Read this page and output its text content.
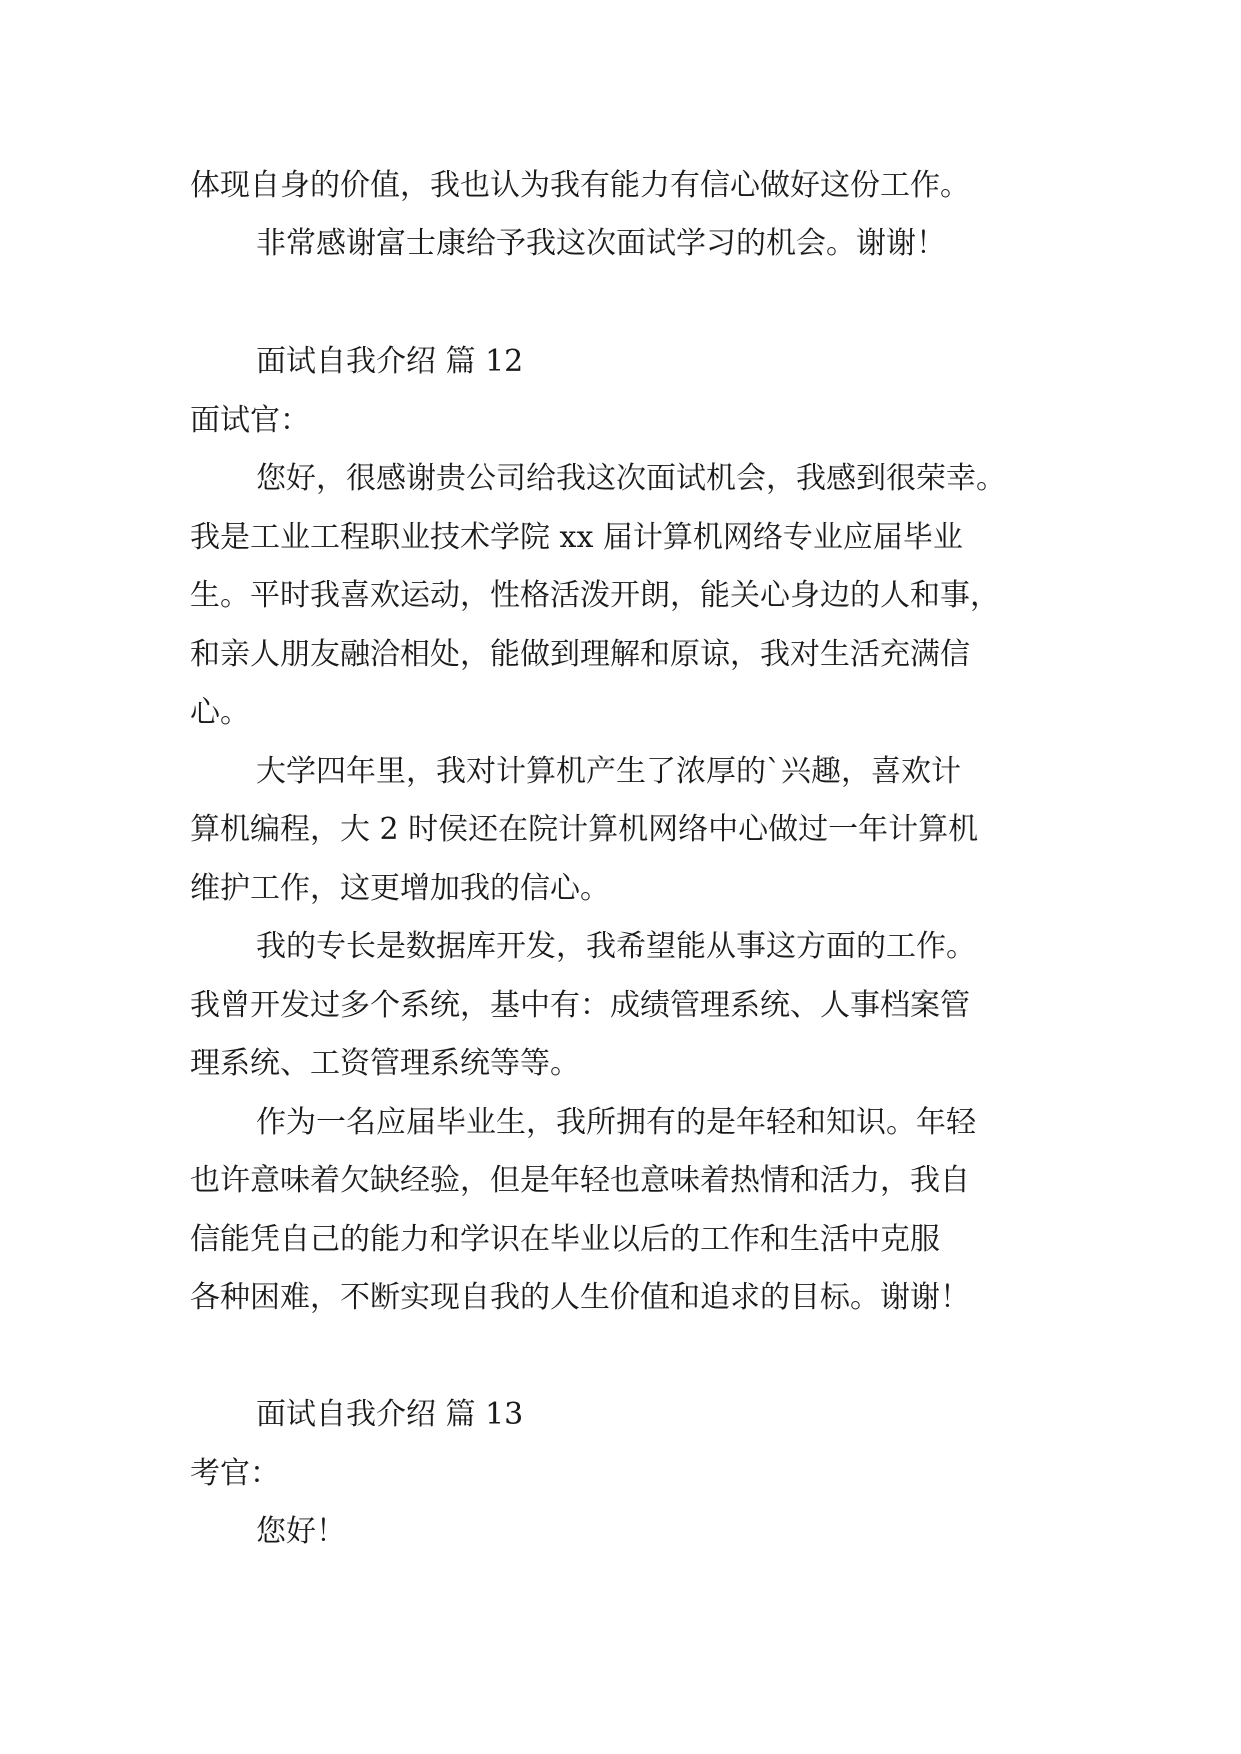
体现自身的价值，我也认为我有能力有信心做好这份工作。
非常感谢富士康给予我这次面试学习的机会。谢谢！
面试自我介绍 篇 12
面试官：
您好，很感谢贵公司给我这次面试机会，我感到很荣幸。
我是工业工程职业技术学院 xx 届计算机网络专业应届毕业
生。平时我喜欢运动，性格活泼开朗，能关心身边的人和事，
和亲人朋友融洽相处，能做到理解和原谅，我对生活充满信
心。
大学四年里，我对计算机产生了浓厚的`兴趣，喜欢计
算机编程，大 2 时侯还在院计算机网络中心做过一年计算机
维护工作，这更增加我的信心。
我的专长是数据库开发，我希望能从事这方面的工作。
我曾开发过多个系统，基中有：成绩管理系统、人事档案管
理系统、工资管理系统等等。
作为一名应届毕业生，我所拥有的是年轻和知识。年轻
也许意味着欠缺经验，但是年轻也意味着热情和活力，我自
信能凭自己的能力和学识在毕业以后的工作和生活中克服
各种困难，不断实现自我的人生价值和追求的目标。谢谢！
面试自我介绍 篇 13
考官：
您好！
